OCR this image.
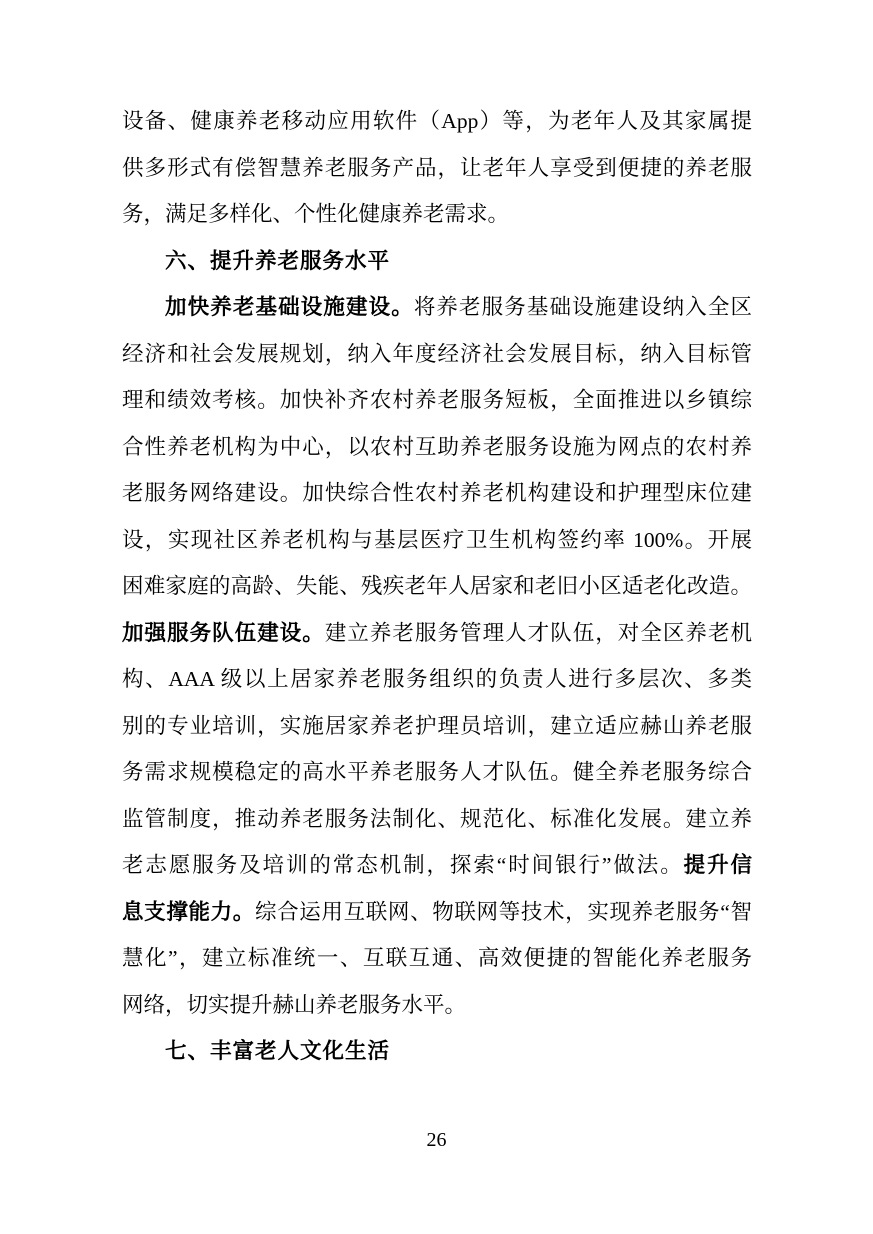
设备、健康养老移动应用软件（App）等，为老年人及其家属提
供多形式有偿智慧养老服务产品，让老年人享受到便捷的养老服
务，满足多样化、个性化健康养老需求。
六、提升养老服务水平
加快养老基础设施建设。将养老服务基础设施建设纳入全区
经济和社会发展规划，纳入年度经济社会发展目标，纳入目标管
理和绩效考核。加快补齐农村养老服务短板，全面推进以乡镇综
合性养老机构为中心，以农村互助养老服务设施为网点的农村养
老服务网络建设。加快综合性农村养老机构建设和护理型床位建
设，实现社区养老机构与基层医疗卫生机构签约率 100%。开展
困难家庭的高龄、失能、残疾老年人居家和老旧小区适老化改造。
加强服务队伍建设。建立养老服务管理人才队伍，对全区养老机
构、AAA 级以上居家养老服务组织的负责人进行多层次、多类
别的专业培训，实施居家养老护理员培训，建立适应赫山养老服
务需求规模稳定的高水平养老服务人才队伍。健全养老服务综合
监管制度，推动养老服务法制化、规范化、标准化发展。建立养
老志愿服务及培训的常态机制，探索“时间银行”做法。提升信
息支撑能力。综合运用互联网、物联网等技术，实现养老服务“智
慧化”，建立标准统一、互联互通、高效便捷的智能化养老服务
网络，切实提升赫山养老服务水平。
七、丰富老人文化生活
26
